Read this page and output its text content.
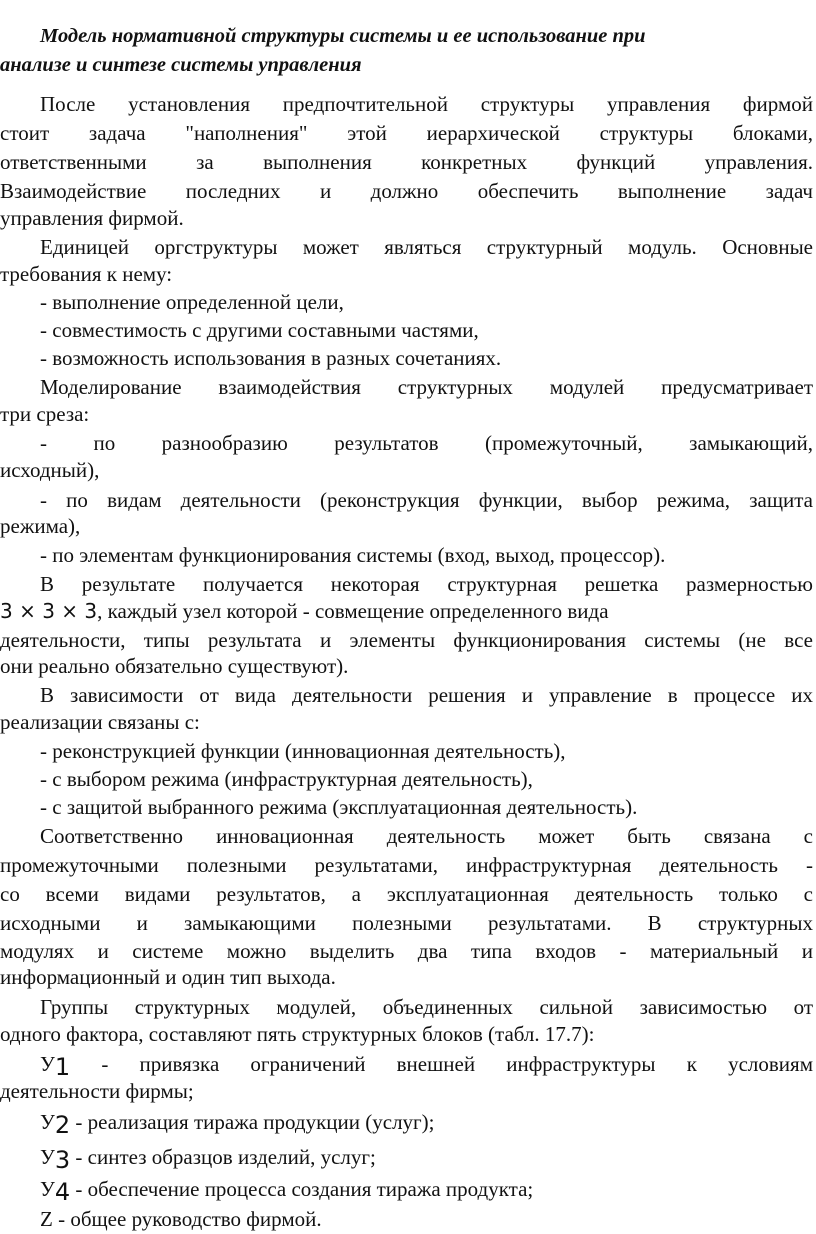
Модель нормативной структуры системы и ее использование при
анализе и синтезе системы управления
После установления предпочтительной структуры управления фирмой
стоит задача "наполнения" этой иерархической структуры блоками,
ответственными за выполнения конкретных функций управления.
Взаимодействие последних и должно обеспечить выполнение задач
управления фирмой.
Единицей оргструктуры может являться структурный модуль. Основные
требования к нему:
- выполнение определенной цели,
- совместимость с другими составными частями,
- возможность использования в разных сочетаниях.
Моделирование взаимодействия структурных модулей предусматривает
три среза:
- по разнообразию результатов (промежуточный, замыкающий,
исходный),
- по видам деятельности (реконструкция функции, выбор режима, защита
режима),
- по элементам функционирования системы (вход, выход, процессор).
В результате получается некоторая структурная решетка размерностью
3 × 3 × 3, каждый узел которой - совмещение определенного вида
деятельности, типы результата и элементы функционирования системы (не все
они реально обязательно существуют).
В зависимости от вида деятельности решения и управление в процессе их
реализации связаны с:
- реконструкцией функции (инновационная деятельность),
- с выбором режима (инфраструктурная деятельность),
- с защитой выбранного режима (эксплуатационная деятельность).
Соответственно инновационная деятельность может быть связана с
промежуточными полезными результатами, инфраструктурная деятельность -
со всеми видами результатов, а эксплуатационная деятельность только с
исходными и замыкающими полезными результатами. В структурных
модулях и системе можно выделить два типа входов - материальный и
информационный и один тип выхода.
Группы структурных модулей, объединенных сильной зависимостью от
одного фактора, составляют пять структурных блоков (табл. 17.7):
У1 - привязка ограничений внешней инфраструктуры к условиям
деятельности фирмы;
У2 - реализация тиража продукции (услуг);
У3 - синтез образцов изделий, услуг;
У4 - обеспечение процесса создания тиража продукта;
Z - общее руководство фирмой.
